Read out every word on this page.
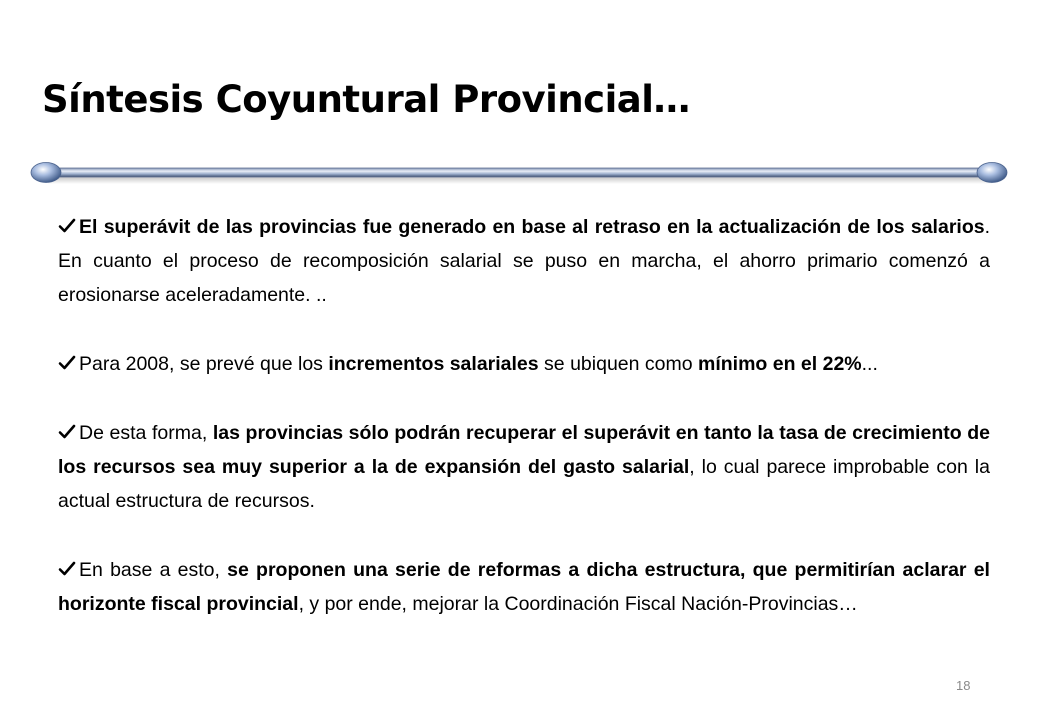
Síntesis Coyuntural Provincial…

El superávit de las provincias fue generado en base al retraso en la actualización de los salarios. En cuanto el proceso de recomposición salarial se puso en marcha, el ahorro primario comenzó a erosionarse aceleradamente. ..

Para 2008, se prevé que los incrementos salariales se ubiquen como mínimo en el 22%...

De esta forma, las provincias sólo podrán recuperar el superávit en tanto la tasa de crecimiento de los recursos sea muy superior a la de expansión del gasto salarial, lo cual parece improbable con la actual estructura de recursos.

En base a esto, se proponen una serie de reformas a dicha estructura, que permitirían aclarar el horizonte fiscal provincial, y por ende, mejorar la Coordinación Fiscal Nación-Provincias…

18
